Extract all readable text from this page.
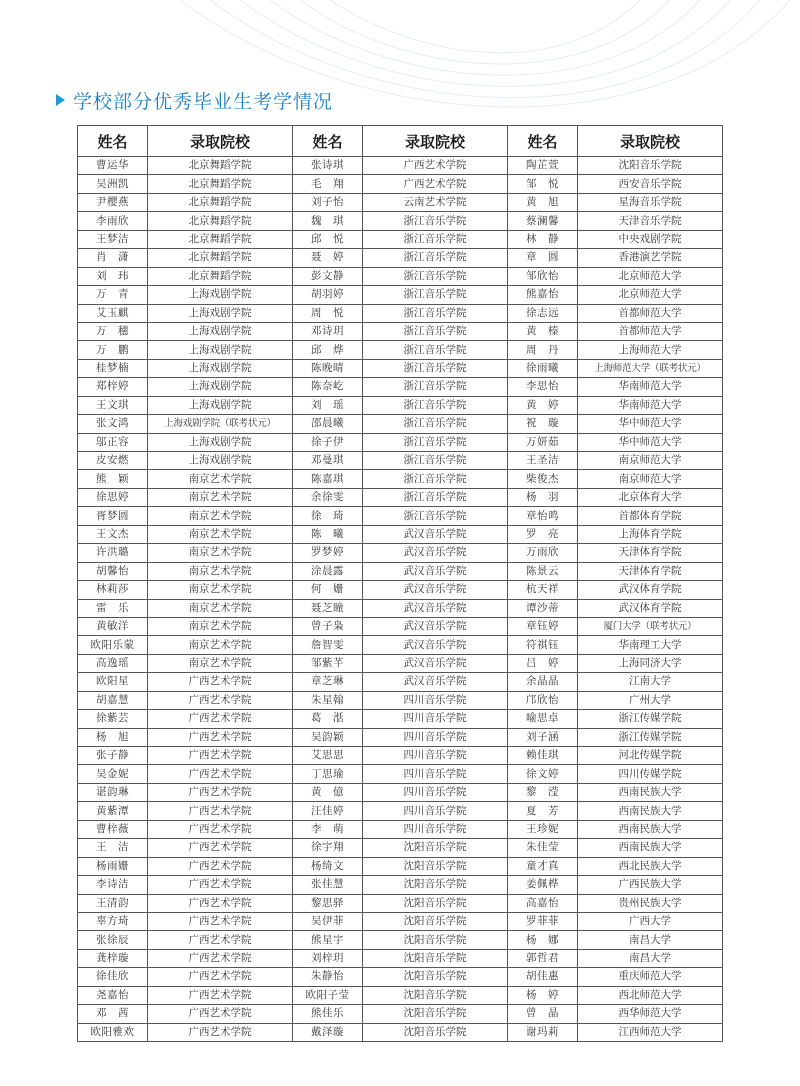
学校部分优秀毕业生考学情况
姓名	录取院校	姓名	录取院校	姓名	录取院校
曹运华	北京舞蹈学院	张诗琪	广西艺术学院	陶芷萱	沈阳音乐学院
吴洲凯	北京舞蹈学院	毛　翔	广西艺术学院	邹　悦	西安音乐学院
尹樱燕	北京舞蹈学院	刘子怡	云南艺术学院	黄　旭	星海音乐学院
李雨欣	北京舞蹈学院	魏　琪	浙江音乐学院	蔡澜馨	天津音乐学院
王梦洁	北京舞蹈学院	邱　悦	浙江音乐学院	林　静	中央戏剧学院
肖　潇	北京舞蹈学院	聂　婷	浙江音乐学院	章　圆	香港演艺学院
刘　玮	北京舞蹈学院	彭文静	浙江音乐学院	邹欣怡	北京师范大学
万　青	上海戏剧学院	胡羽婷	浙江音乐学院	熊嘉怡	北京师范大学
艾玉麒	上海戏剧学院	周　悦	浙江音乐学院	徐志远	首都师范大学
万　穗	上海戏剧学院	邓诗玥	浙江音乐学院	黄　榛	首都师范大学
万　鹏	上海戏剧学院	邱　烨	浙江音乐学院	周　丹	上海师范大学
桂梦楠	上海戏剧学院	陈晚晴	浙江音乐学院	徐雨曦	上海师范大学（联考状元）
郑梓婷	上海戏剧学院	陈奈屹	浙江音乐学院	李思怡	华南师范大学
王文琪	上海戏剧学院	刘　瑶	浙江音乐学院	黄　婷	华南师范大学
张文鸿	上海戏剧学院（联考状元）	邵晨曦	浙江音乐学院	祝　璇	华中师范大学
邬正容	上海戏剧学院	徐子伊	浙江音乐学院	万妍茹	华中师范大学
皮安燃	上海戏剧学院	邓曼琪	浙江音乐学院	王圣洁	南京师范大学
熊　颖	南京艺术学院	陈嘉琪	浙江音乐学院	柴俊杰	南京师范大学
徐思婷	南京艺术学院	余徐雯	浙江音乐学院	杨　羽	北京体育大学
胥梦圆	南京艺术学院	徐　琦	浙江音乐学院	章怡鸣	首都体育学院
王文杰	南京艺术学院	陈　曦	武汉音乐学院	罗　亮	上海体育学院
许洪璐	南京艺术学院	罗梦婷	武汉音乐学院	万雨欣	天津体育学院
胡馨怡	南京艺术学院	涂晨露	武汉音乐学院	陈景云	天津体育学院
林莉莎	南京艺术学院	何　姗	武汉音乐学院	杭天祥	武汉体育学院
雷　乐	南京艺术学院	聂芝瞳	武汉音乐学院	谭沙蒂	武汉体育学院
黄敏洋	南京艺术学院	曾子枭	武汉音乐学院	章钰婷	厦门大学（联考状元）
欧阳乐蒙	南京艺术学院	詹智雯	武汉音乐学院	符祺钰	华南理工大学
高逸瑶	南京艺术学院	邹紫芊	武汉音乐学院	吕　婷	上海同济大学
欧阳星	广西艺术学院	章芝琳	武汉音乐学院	余晶晶	江南大学
胡嘉慧	广西艺术学院	朱星翰	四川音乐学院	邝欣怡	广州大学
徐紫芸	广西艺术学院	葛　湉	四川音乐学院	喻思卓	浙江传媒学院
杨　旭	广西艺术学院	吴韵颖	四川音乐学院	刘子涵	浙江传媒学院
张子静	广西艺术学院	艾思思	四川音乐学院	赖佳琪	河北传媒学院
吴金妮	广西艺术学院	丁思瑜	四川音乐学院	徐文婷	四川传媒学院
谌韵琳	广西艺术学院	黄　億	四川音乐学院	黎　滢	西南民族大学
黄紫潭	广西艺术学院	汪佳婷	四川音乐学院	夏　芳	西南民族大学
曹梓薇	广西艺术学院	李　萌	四川音乐学院	王珍妮	西南民族大学
王　洁	广西艺术学院	徐宇翔	沈阳音乐学院	朱佳莹	西南民族大学
杨雨姗	广西艺术学院	杨绮文	沈阳音乐学院	童才真	西北民族大学
李诗洁	广西艺术学院	张佳慧	沈阳音乐学院	姜佩桦	广西民族大学
王清韵	广西艺术学院	黎思驿	沈阳音乐学院	高嘉怡	贵州民族大学
辜方琦	广西艺术学院	吴伊菲	沈阳音乐学院	罗菲菲	广西大学
张徐辰	广西艺术学院	熊星宇	沈阳音乐学院	杨　娜	南昌大学
龚梓璇	广西艺术学院	刘梓玥	沈阳音乐学院	郭哲君	南昌大学
徐佳欣	广西艺术学院	朱静怡	沈阳音乐学院	胡佳惠	重庆师范大学
尧嘉怡	广西艺术学院	欧阳子莹	沈阳音乐学院	杨　婷	西北师范大学
邓　茜	广西艺术学院	熊佳乐	沈阳音乐学院	曾　晶	西华师范大学
欧阳雅欢	广西艺术学院	戴泽璇	沈阳音乐学院	谢玛莉	江西师范大学
